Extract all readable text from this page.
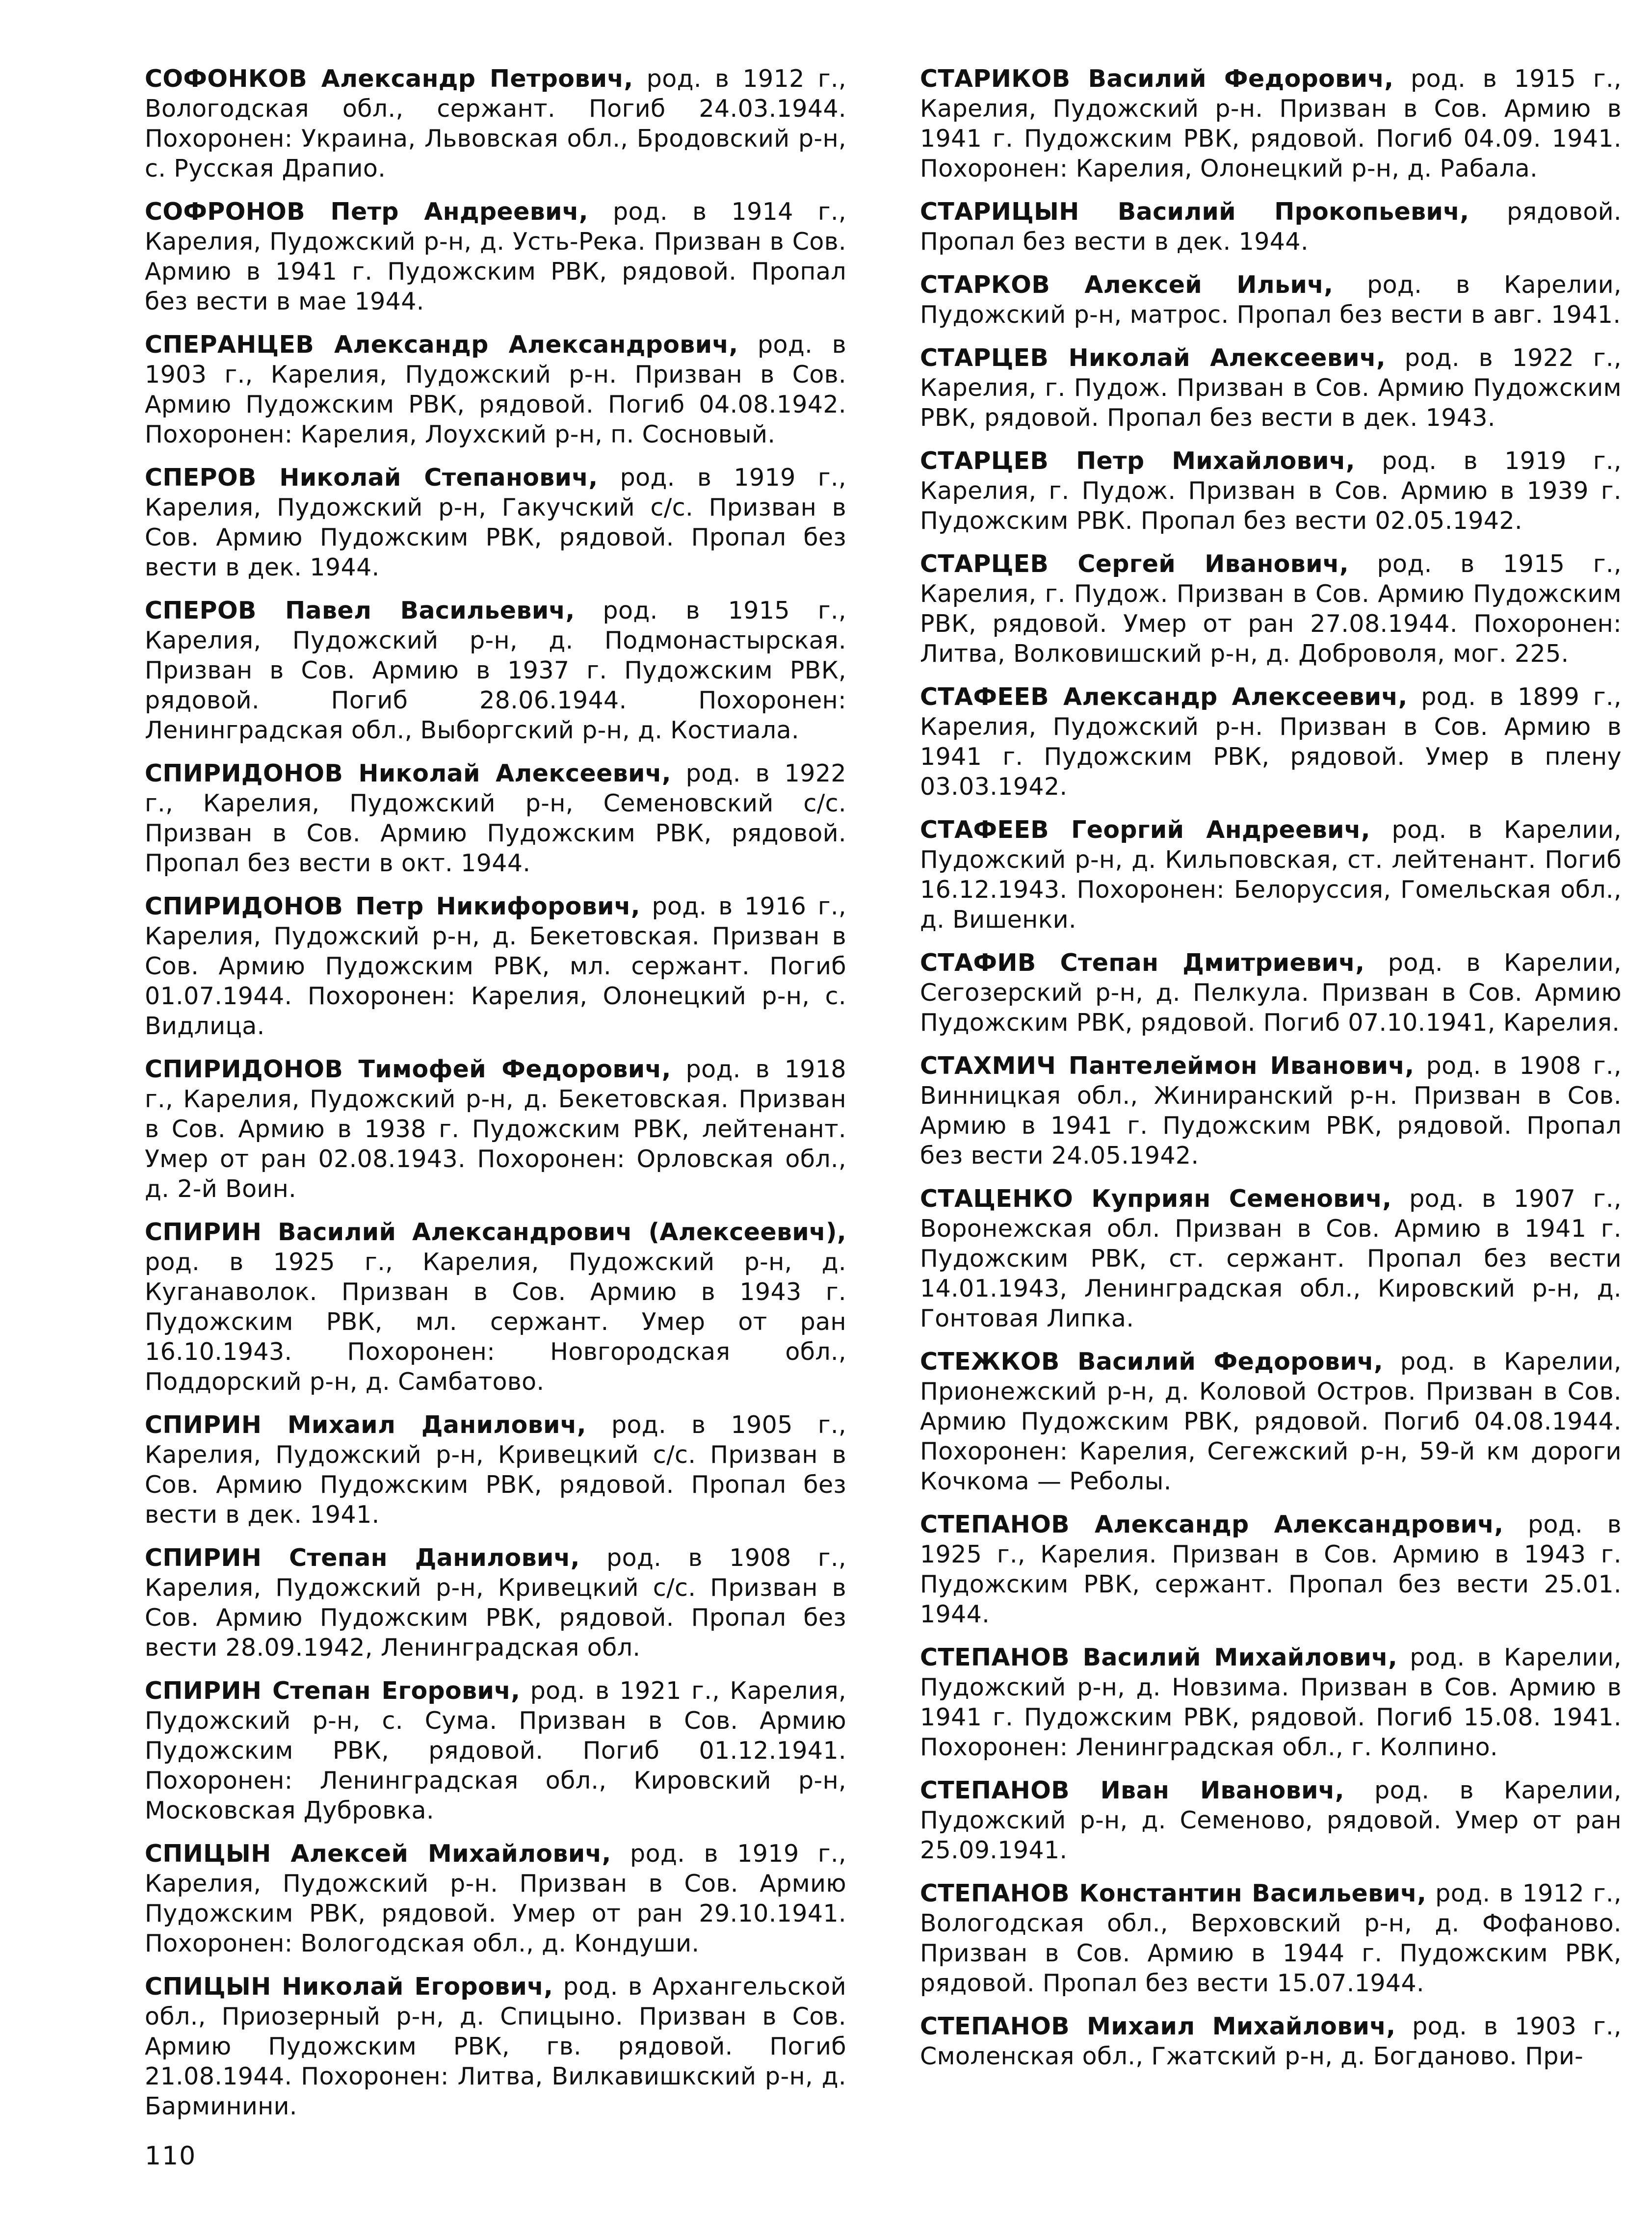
СОФОНКОВ Александр Петрович, род. в 1912 г., Вологодская обл., сержант. Погиб 24.03.1944. Похоронен: Украина, Львовская обл., Бродовский р-н, с. Русская Драпио.

СОФРОНОВ Петр Андреевич, род. в 1914 г., Карелия, Пудожский р-н, д. Усть-Река. Призван в Сов. Армию в 1941 г. Пудожским РВК, рядовой. Пропал без вести в мае 1944.

СПЕРАНЦЕВ Александр Александрович, род. в 1903 г., Карелия, Пудожский р-н. Призван в Сов. Армию Пудожским РВК, рядовой. Погиб 04.08.1942. Похоронен: Карелия, Лоухский р-н, п. Сосновый.

СПЕРОВ Николай Степанович, род. в 1919 г., Карелия, Пудожский р-н, Гакучский с/с. Призван в Сов. Армию Пудожским РВК, рядовой. Пропал без вести в дек. 1944.

СПЕРОВ Павел Васильевич, род. в 1915 г., Карелия, Пудожский р-н, д. Подмонастырская. Призван в Сов. Армию в 1937 г. Пудожским РВК, рядовой. Погиб 28.06.1944. Похоронен: Ленинградская обл., Выборгский р-н, д. Костиала.

СПИРИДОНОВ Николай Алексеевич, род. в 1922 г., Карелия, Пудожский р-н, Семеновский с/с. Призван в Сов. Армию Пудожским РВК, рядовой. Пропал без вести в окт. 1944.

СПИРИДОНОВ Петр Никифорович, род. в 1916 г., Карелия, Пудожский р-н, д. Бекетовская. Призван в Сов. Армию Пудожским РВК, мл. сержант. Погиб 01.07.1944. Похоронен: Карелия, Олонецкий р-н, с. Видлица.

СПИРИДОНОВ Тимофей Федорович, род. в 1918 г., Карелия, Пудожский р-н, д. Бекетовская. Призван в Сов. Армию в 1938 г. Пудожским РВК, лейтенант. Умер от ран 02.08.1943. Похоронен: Орловская обл., д. 2-й Воин.

СПИРИН Василий Александрович (Алексеевич), род. в 1925 г., Карелия, Пудожский р-н, д. Куганаволок. Призван в Сов. Армию в 1943 г. Пудожским РВК, мл. сержант. Умер от ран 16.10.1943. Похоронен: Новгородская обл., Поддорский р-н, д. Самбатово.

СПИРИН Михаил Данилович, род. в 1905 г., Карелия, Пудожский р-н, Кривецкий с/с. Призван в Сов. Армию Пудожским РВК, рядовой. Пропал без вести в дек. 1941.

СПИРИН Степан Данилович, род. в 1908 г., Карелия, Пудожский р-н, Кривецкий с/с. Призван в Сов. Армию Пудожским РВК, рядовой. Пропал без вести 28.09.1942, Ленинградская обл.

СПИРИН Степан Егорович, род. в 1921 г., Карелия, Пудожский р-н, с. Сума. Призван в Сов. Армию Пудожским РВК, рядовой. Погиб 01.12.1941. Похоронен: Ленинградская обл., Кировский р-н, Московская Дубровка.

СПИЦЫН Алексей Михайлович, род. в 1919 г., Карелия, Пудожский р-н. Призван в Сов. Армию Пудожским РВК, рядовой. Умер от ран 29.10.1941. Похоронен: Вологодская обл., д. Кондуши.

СПИЦЫН Николай Егорович, род. в Архангельской обл., Приозерный р-н, д. Спицыно. Призван в Сов. Армию Пудожским РВК, гв. рядовой. Погиб 21.08.1944. Похоронен: Литва, Вилкавишкский р-н, д. Барминини.

СТАРИКОВ Василий Федорович, род. в 1915 г., Карелия, Пудожский р-н. Призван в Сов. Армию в 1941 г. Пудожским РВК, рядовой. Погиб 04.09. 1941. Похоронен: Карелия, Олонецкий р-н, д. Рабала.

СТАРИЦЫН Василий Прокопьевич, рядовой. Пропал без вести в дек. 1944.

СТАРКОВ Алексей Ильич, род. в Карелии, Пудожский р-н, матрос. Пропал без вести в авг. 1941.

СТАРЦЕВ Николай Алексеевич, род. в 1922 г., Карелия, г. Пудож. Призван в Сов. Армию Пудожским РВК, рядовой. Пропал без вести в дек. 1943.

СТАРЦЕВ Петр Михайлович, род. в 1919 г., Карелия, г. Пудож. Призван в Сов. Армию в 1939 г. Пудожским РВК. Пропал без вести 02.05.1942.

СТАРЦЕВ Сергей Иванович, род. в 1915 г., Карелия, г. Пудож. Призван в Сов. Армию Пудожским РВК, рядовой. Умер от ран 27.08.1944. Похоронен: Литва, Волковишский р-н, д. Доброволя, мог. 225.

СТАФЕЕВ Александр Алексеевич, род. в 1899 г., Карелия, Пудожский р-н. Призван в Сов. Армию в 1941 г. Пудожским РВК, рядовой. Умер в плену 03.03.1942.

СТАФЕЕВ Георгий Андреевич, род. в Карелии, Пудожский р-н, д. Кильповская, ст. лейтенант. Погиб 16.12.1943. Похоронен: Белоруссия, Гомельская обл., д. Вишенки.

СТАФИВ Степан Дмитриевич, род. в Карелии, Сегозерский р-н, д. Пелкула. Призван в Сов. Армию Пудожским РВК, рядовой. Погиб 07.10.1941, Карелия.

СТАХМИЧ Пантелеймон Иванович, род. в 1908 г., Винницкая обл., Жиниранский р-н. Призван в Сов. Армию в 1941 г. Пудожским РВК, рядовой. Пропал без вести 24.05.1942.

СТАЦЕНКО Куприян Семенович, род. в 1907 г., Воронежская обл. Призван в Сов. Армию в 1941 г. Пудожским РВК, ст. сержант. Пропал без вести 14.01.1943, Ленинградская обл., Кировский р-н, д. Гонтовая Липка.

СТЕЖКОВ Василий Федорович, род. в Карелии, Прионежский р-н, д. Коловой Остров. Призван в Сов. Армию Пудожским РВК, рядовой. Погиб 04.08.1944. Похоронен: Карелия, Сегежский р-н, 59-й км дороги Кочкома — Реболы.

СТЕПАНОВ Александр Александрович, род. в 1925 г., Карелия. Призван в Сов. Армию в 1943 г. Пудожским РВК, сержант. Пропал без вести 25.01. 1944.

СТЕПАНОВ Василий Михайлович, род. в Карелии, Пудожский р-н, д. Новзима. Призван в Сов. Армию в 1941 г. Пудожским РВК, рядовой. Погиб 15.08. 1941. Похоронен: Ленинградская обл., г. Колпино.

СТЕПАНОВ Иван Иванович, род. в Карелии, Пудожский р-н, д. Семеново, рядовой. Умер от ран 25.09.1941.

СТЕПАНОВ Константин Васильевич, род. в 1912 г., Вологодская обл., Верховский р-н, д. Фофаново. Призван в Сов. Армию в 1944 г. Пудожским РВК, рядовой. Пропал без вести 15.07.1944.

СТЕПАНОВ Михаил Михайлович, род. в 1903 г., Смоленская обл., Гжатский р-н, д. Богданово. При-

110
